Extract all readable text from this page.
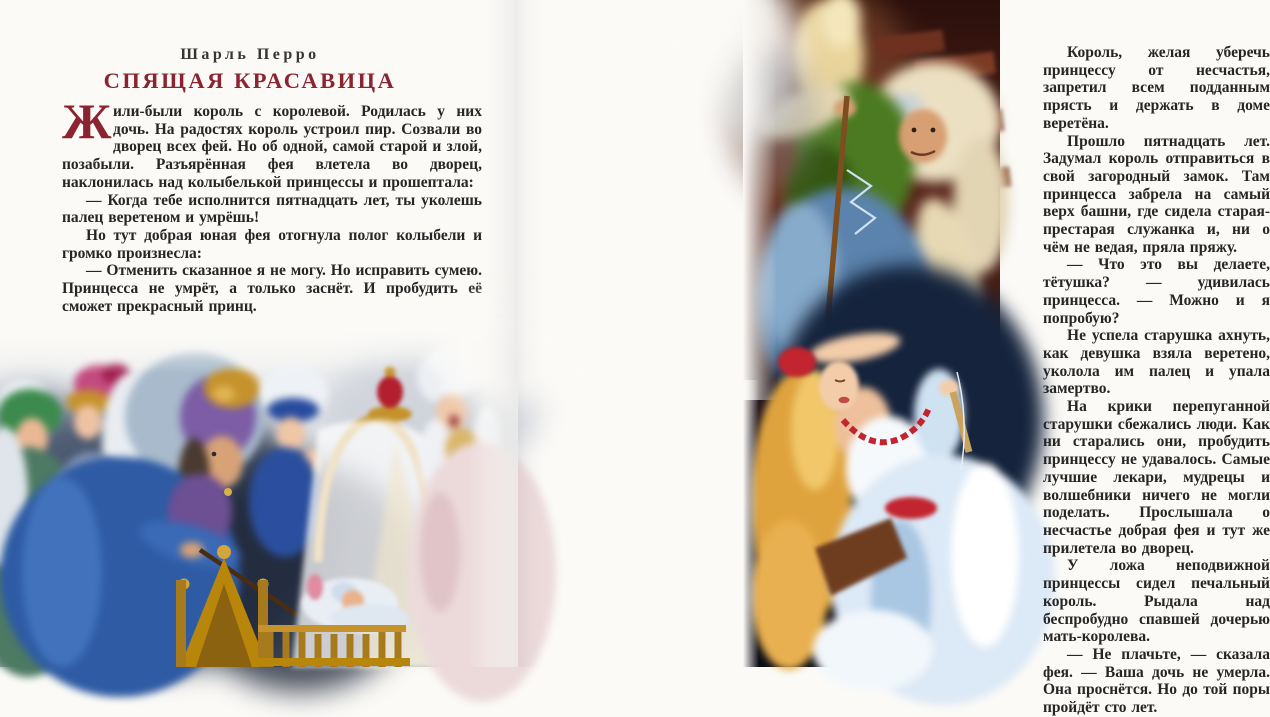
Шарль Перро
СПЯЩАЯ КРАСАВИЦА

Жили-были король с королевой. Родилась у них дочь. На радостях король устроил пир. Созвали во дворец всех фей. Но об одной, самой старой и злой, позабыли. Разъярённая фея влетела во дворец, наклонилась над колыбелькой принцессы и прошептала:

— Когда тебе исполнится пятнадцать лет, ты уколешь палец веретеном и умрёшь!

Но тут добрая юная фея отогнула полог колыбели и громко произнесла:

— Отменить сказанное я не могу. Но исправить сумею. Принцесса не умрёт, а только заснёт. И пробудить её сможет прекрасный принц.

Король, желая уберечь принцессу от несчастья, запретил всем подданным прясть и держать в доме веретёна.

Прошло пятнадцать лет. Задумал король отправиться в свой загородный замок. Там принцесса забрела на самый верх башни, где сидела старая-престарая служанка и, ни о чём не ведая, пряла пряжу.

— Что это вы делаете, тётушка? — удивилась принцесса. — Можно и я попробую?

Не успела старушка ахнуть, как девушка взяла веретено, уколола им палец и упала замертво.

На крики перепуганной старушки сбежались люди. Как ни старались они, пробудить принцессу не удавалось. Самые лучшие лекари, мудрецы и волшебники ничего не могли поделать. Прослышала о несчастье добрая фея и тут же прилетела во дворец.

У ложа неподвижной принцессы сидел печальный король. Рыдала над беспробудно спавшей дочерью мать-королева.

— Не плачьте, — сказала фея. — Ваша дочь не умерла. Она проснётся. Но до той поры пройдёт сто лет.
